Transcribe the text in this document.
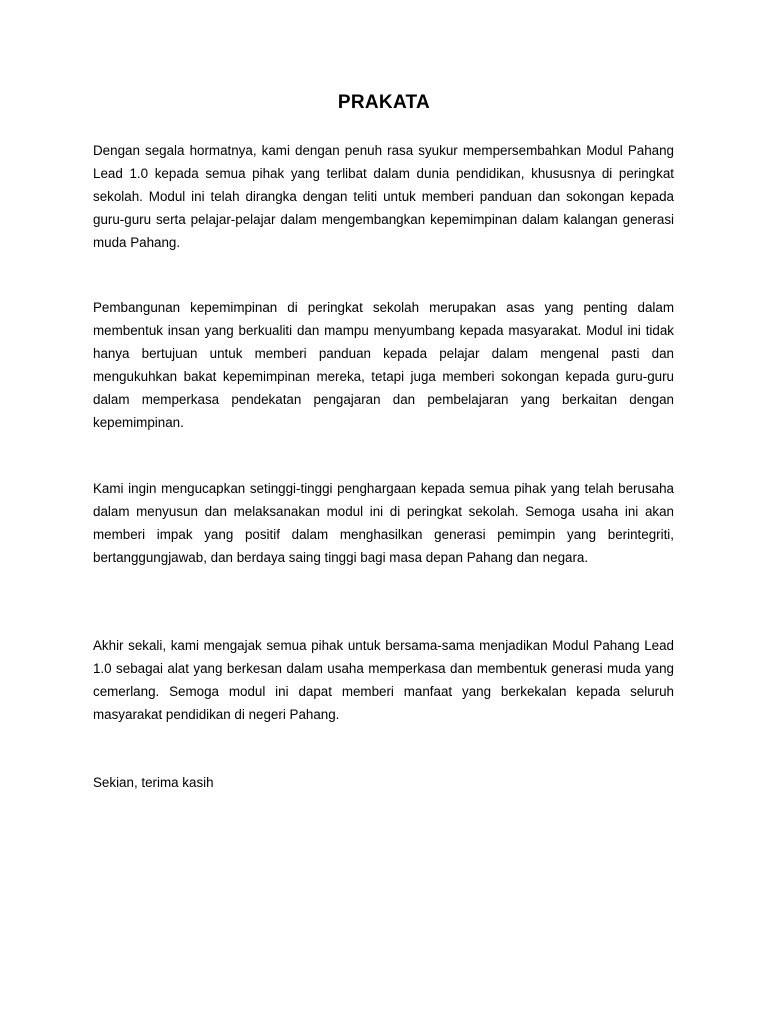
PRAKATA

Dengan segala hormatnya, kami dengan penuh rasa syukur mempersembahkan Modul Pahang Lead 1.0 kepada semua pihak yang terlibat dalam dunia pendidikan, khususnya di peringkat sekolah. Modul ini telah dirangka dengan teliti untuk memberi panduan dan sokongan kepada guru-guru serta pelajar-pelajar dalam mengembangkan kepemimpinan dalam kalangan generasi muda Pahang.

Pembangunan kepemimpinan di peringkat sekolah merupakan asas yang penting dalam membentuk insan yang berkualiti dan mampu menyumbang kepada masyarakat. Modul ini tidak hanya bertujuan untuk memberi panduan kepada pelajar dalam mengenal pasti dan mengukuhkan bakat kepemimpinan mereka, tetapi juga memberi sokongan kepada guru-guru dalam memperkasa pendekatan pengajaran dan pembelajaran yang berkaitan dengan kepemimpinan.

Kami ingin mengucapkan setinggi-tinggi penghargaan kepada semua pihak yang telah berusaha dalam menyusun dan melaksanakan modul ini di peringkat sekolah. Semoga usaha ini akan memberi impak yang positif dalam menghasilkan generasi pemimpin yang berintegriti, bertanggungjawab, dan berdaya saing tinggi bagi masa depan Pahang dan negara.

Akhir sekali, kami mengajak semua pihak untuk bersama-sama menjadikan Modul Pahang Lead 1.0 sebagai alat yang berkesan dalam usaha memperkasa dan membentuk generasi muda yang cemerlang. Semoga modul ini dapat memberi manfaat yang berkekalan kepada seluruh masyarakat pendidikan di negeri Pahang.

Sekian, terima kasih
